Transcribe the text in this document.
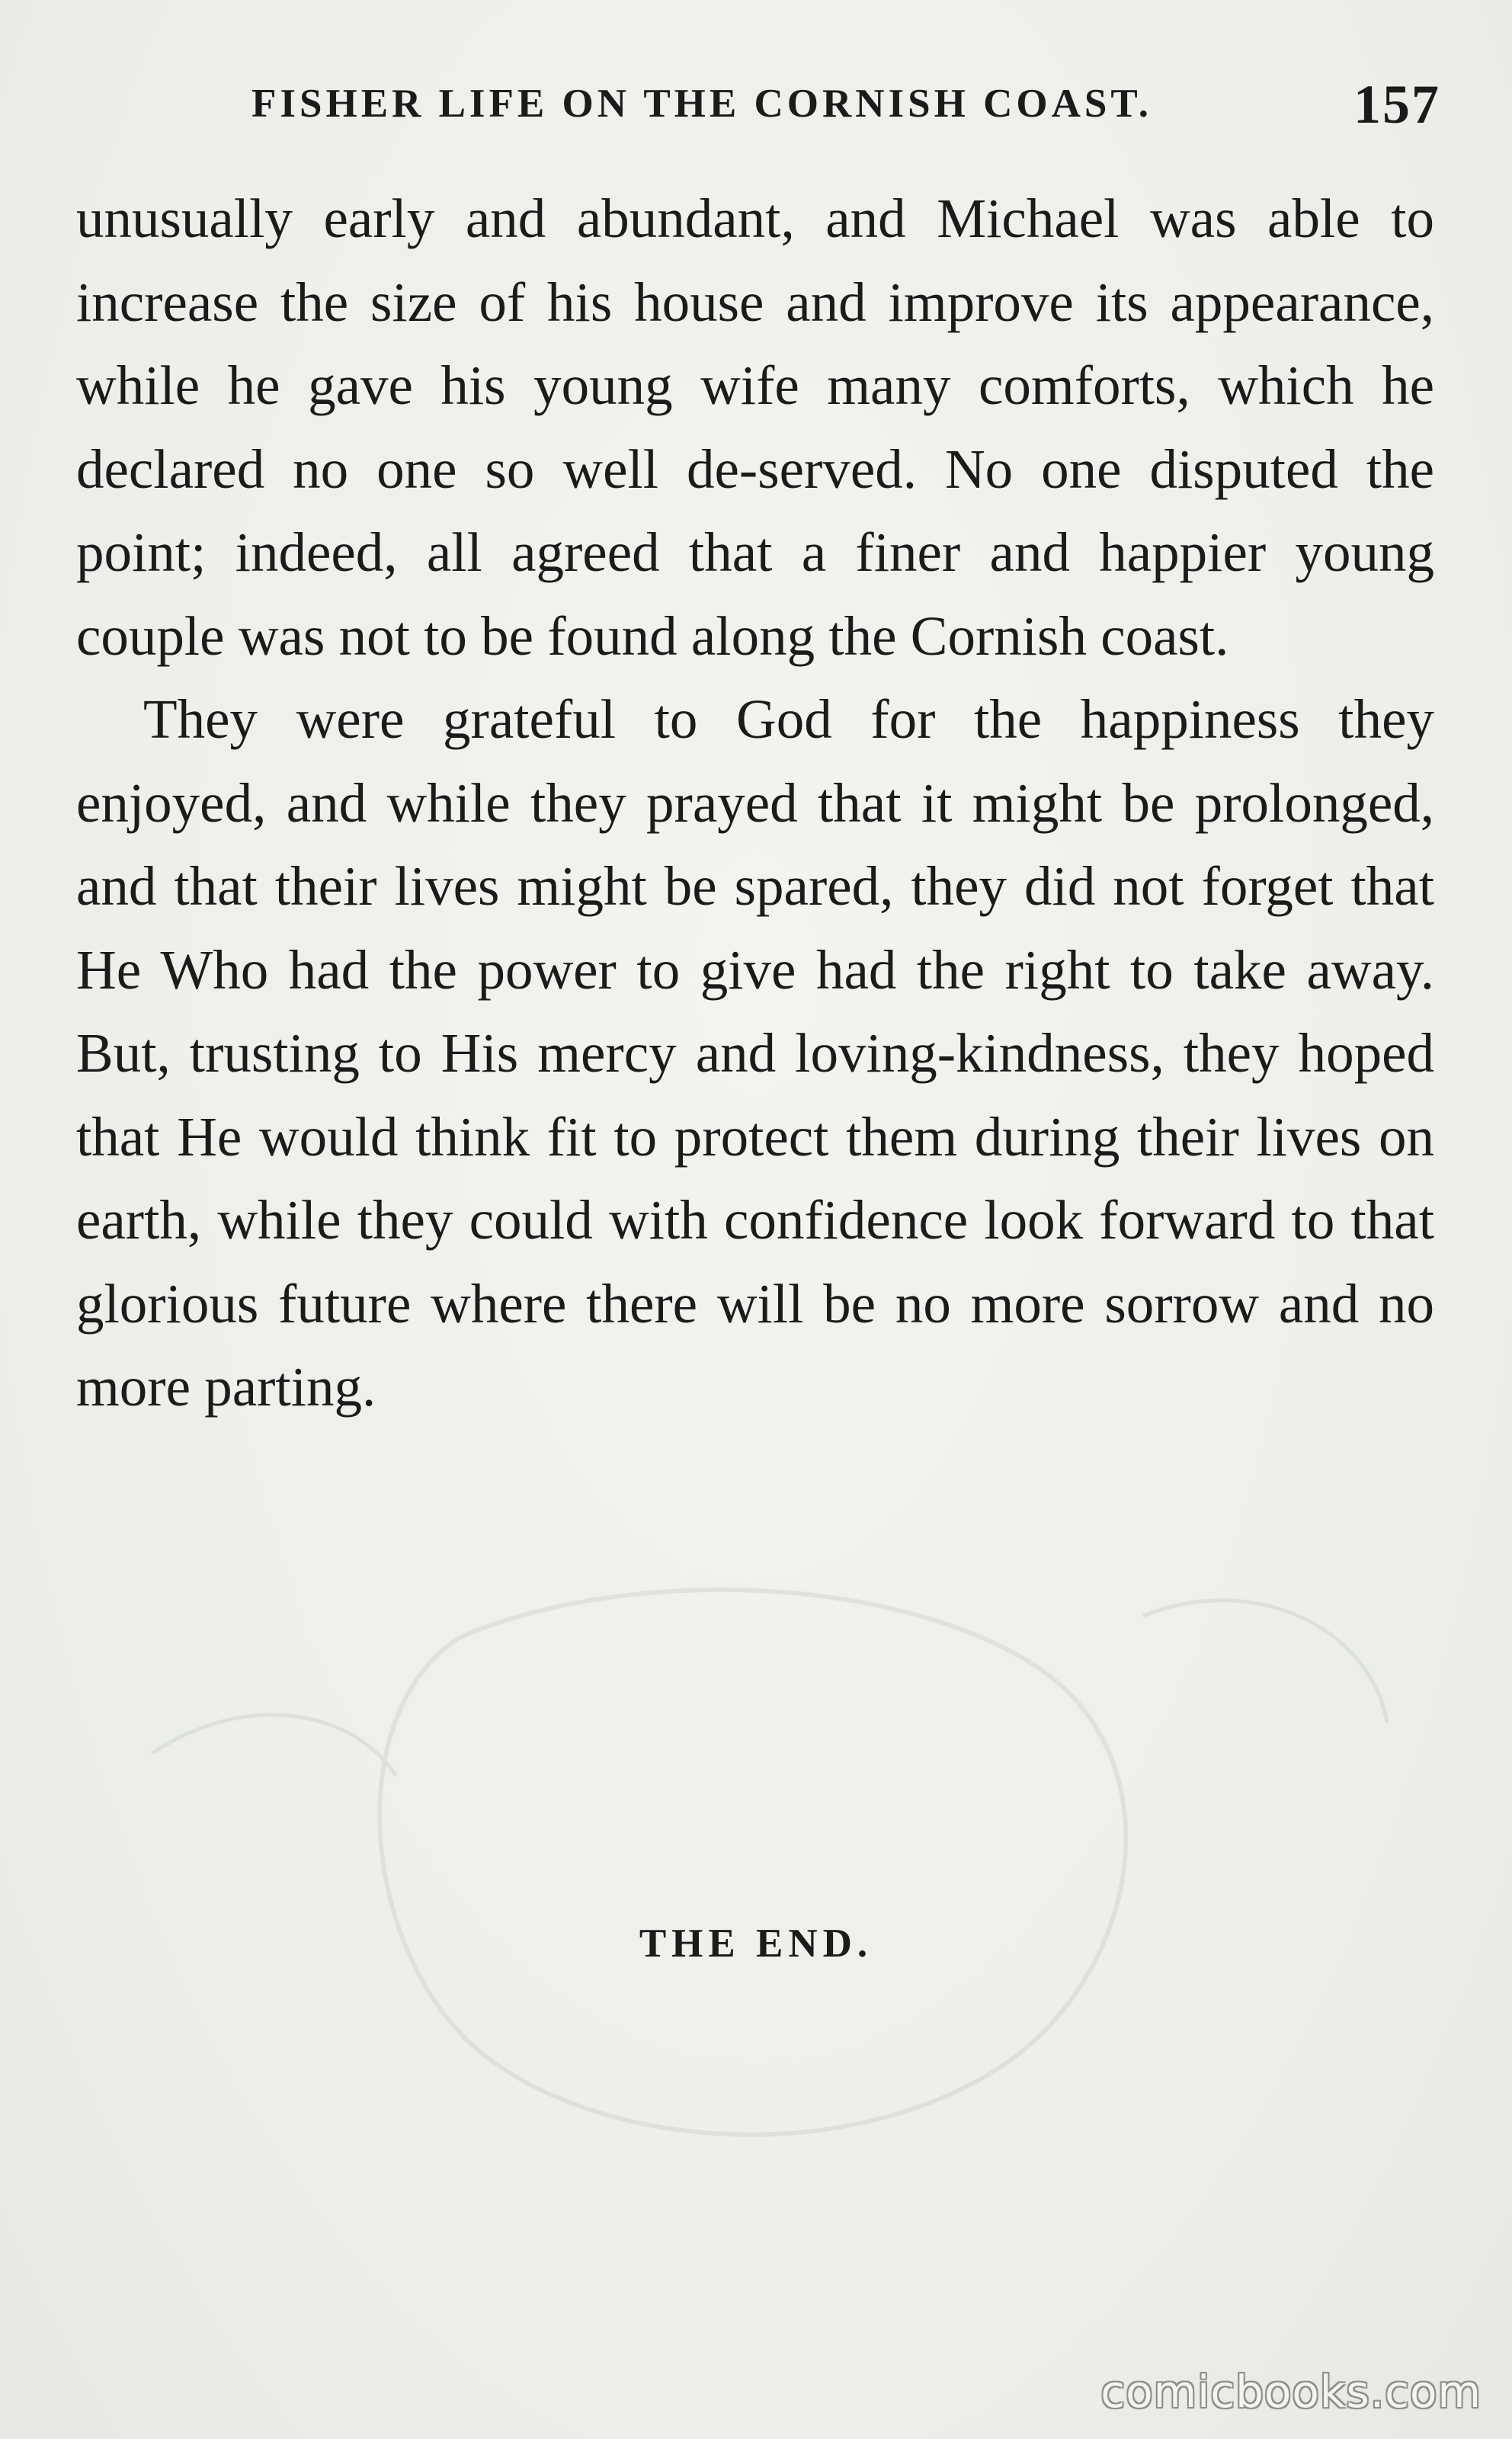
FISHER LIFE ON THE CORNISH COAST.	157

unusually early and abundant, and Michael was able to increase the size of his house and improve its appearance, while he gave his young wife many comforts, which he declared no one so well de-served. No one disputed the point; indeed, all agreed that a finer and happier young couple was not to be found along the Cornish coast.

They were grateful to God for the happiness they enjoyed, and while they prayed that it might be prolonged, and that their lives might be spared, they did not forget that He Who had the power to give had the right to take away. But, trusting to His mercy and loving-kindness, they hoped that He would think fit to protect them during their lives on earth, while they could with confidence look forward to that glorious future where there will be no more sorrow and no more parting.

THE END.
comicbooks.com
